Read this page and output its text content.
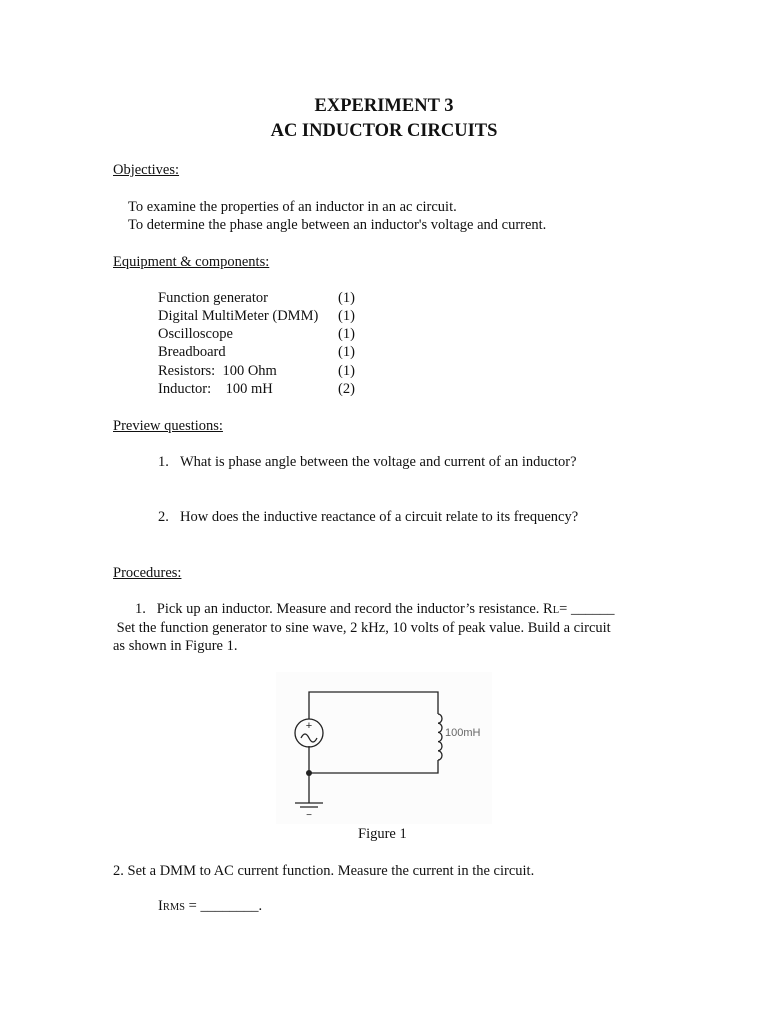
EXPERIMENT 3
AC INDUCTOR CIRCUITS
Objectives:
To examine the properties of an inductor in an ac circuit.
To determine the phase angle between an inductor's voltage and current.
Equipment & components:
Function generator	(1)
Digital MultiMeter (DMM) (1)
Oscilloscope	(1)
Breadboard	(1)
Resistors:  100 Ohm	(1)
Inductor:    100 mH	(2)
Preview questions:
1. What is phase angle between the voltage and current of an inductor?
2. How does the inductive reactance of a circuit relate to its frequency?
Procedures:
1. Pick up an inductor. Measure and record the inductor’s resistance. RL= ______
Set the function generator to sine wave, 2 kHz, 10 volts of peak value. Build a circuit
as shown in Figure 1.
+
100mH
−
Figure 1
2. Set a DMM to AC current function. Measure the current in the circuit.
IRMS = ________.
